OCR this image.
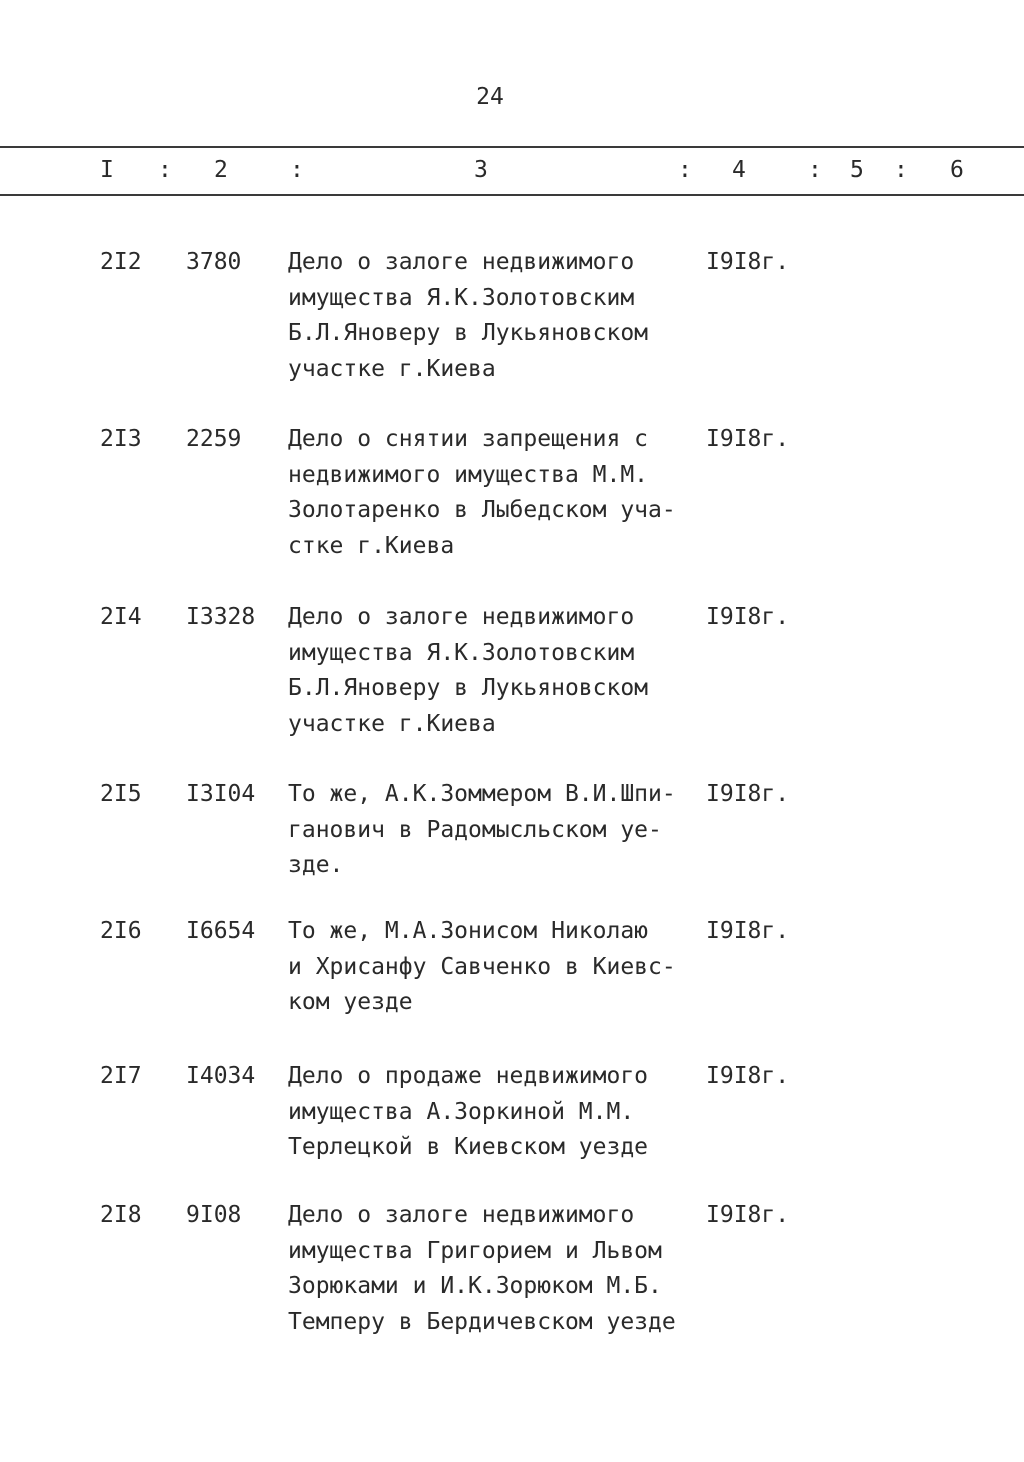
24
I : 2	:	3	: 4	: 5 : 6
2I2 3780 Дело о залоге недвижимого
имущества Я.К.Золотовским
Б.Л.Яноверу в Лукьяновском
участке г.Киева
I9I8г.
2I3 2259 Дело о снятии запрещения с
недвижимого имущества М.М.
Золотаренко в Лыбедском уча-
стке г.Киева
I9I8г.
2I4 I3328 Дело о залоге недвижимого
имущества Я.К.Золотовским
Б.Л.Яноверу в Лукьяновском
участке г.Киева
I9I8г.
2I5 I3I04 То же, А.К.Зоммером В.И.Шпи-
ганович в Радомысльском уе-
зде.
I9I8г.
2I6 I6654 То же, М.А.Зонисом Николаю
и Хрисанфу Савченко в Киевс-
ком уезде
I9I8г.
2I7 I4034 Дело о продаже недвижимого
имущества А.Зоркиной М.М.
Терлецкой в Киевском уезде
I9I8г.
2I8 9I08 Дело о залоге недвижимого
имущества Григорием и Львом
Зорюками и И.К.Зорюком М.Б.
Темперу в Бердичевском уезде
I9I8г.
